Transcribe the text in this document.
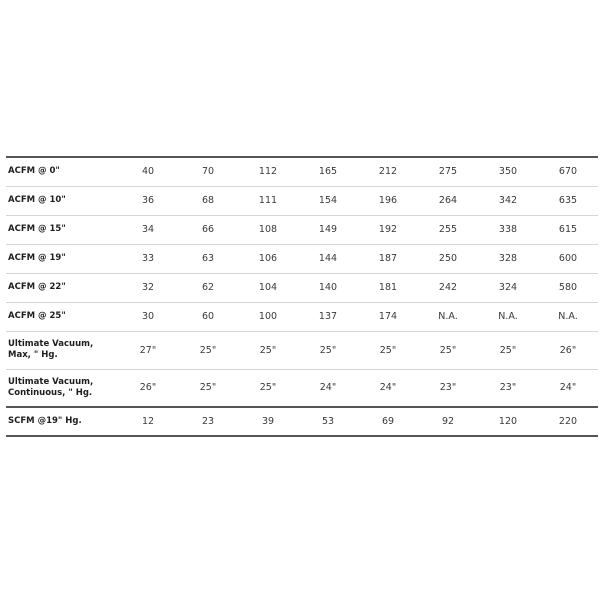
ACFM @ 0"	40	70	112	165	212	275	350	670
ACFM @ 10"	36	68	111	154	196	264	342	635
ACFM @ 15"	34	66	108	149	192	255	338	615
ACFM @ 19"	33	63	106	144	187	250	328	600
ACFM @ 22"	32	62	104	140	181	242	324	580
ACFM @ 25"	30	60	100	137	174	N.A.	N.A.	N.A.
Ultimate Vacuum, Max, " Hg.	27"	25"	25"	25"	25"	25"	25"	26"
Ultimate Vacuum, Continuous, " Hg.	26"	25"	25"	24"	24"	23"	23"	24"
SCFM @19" Hg.	12	23	39	53	69	92	120	220
